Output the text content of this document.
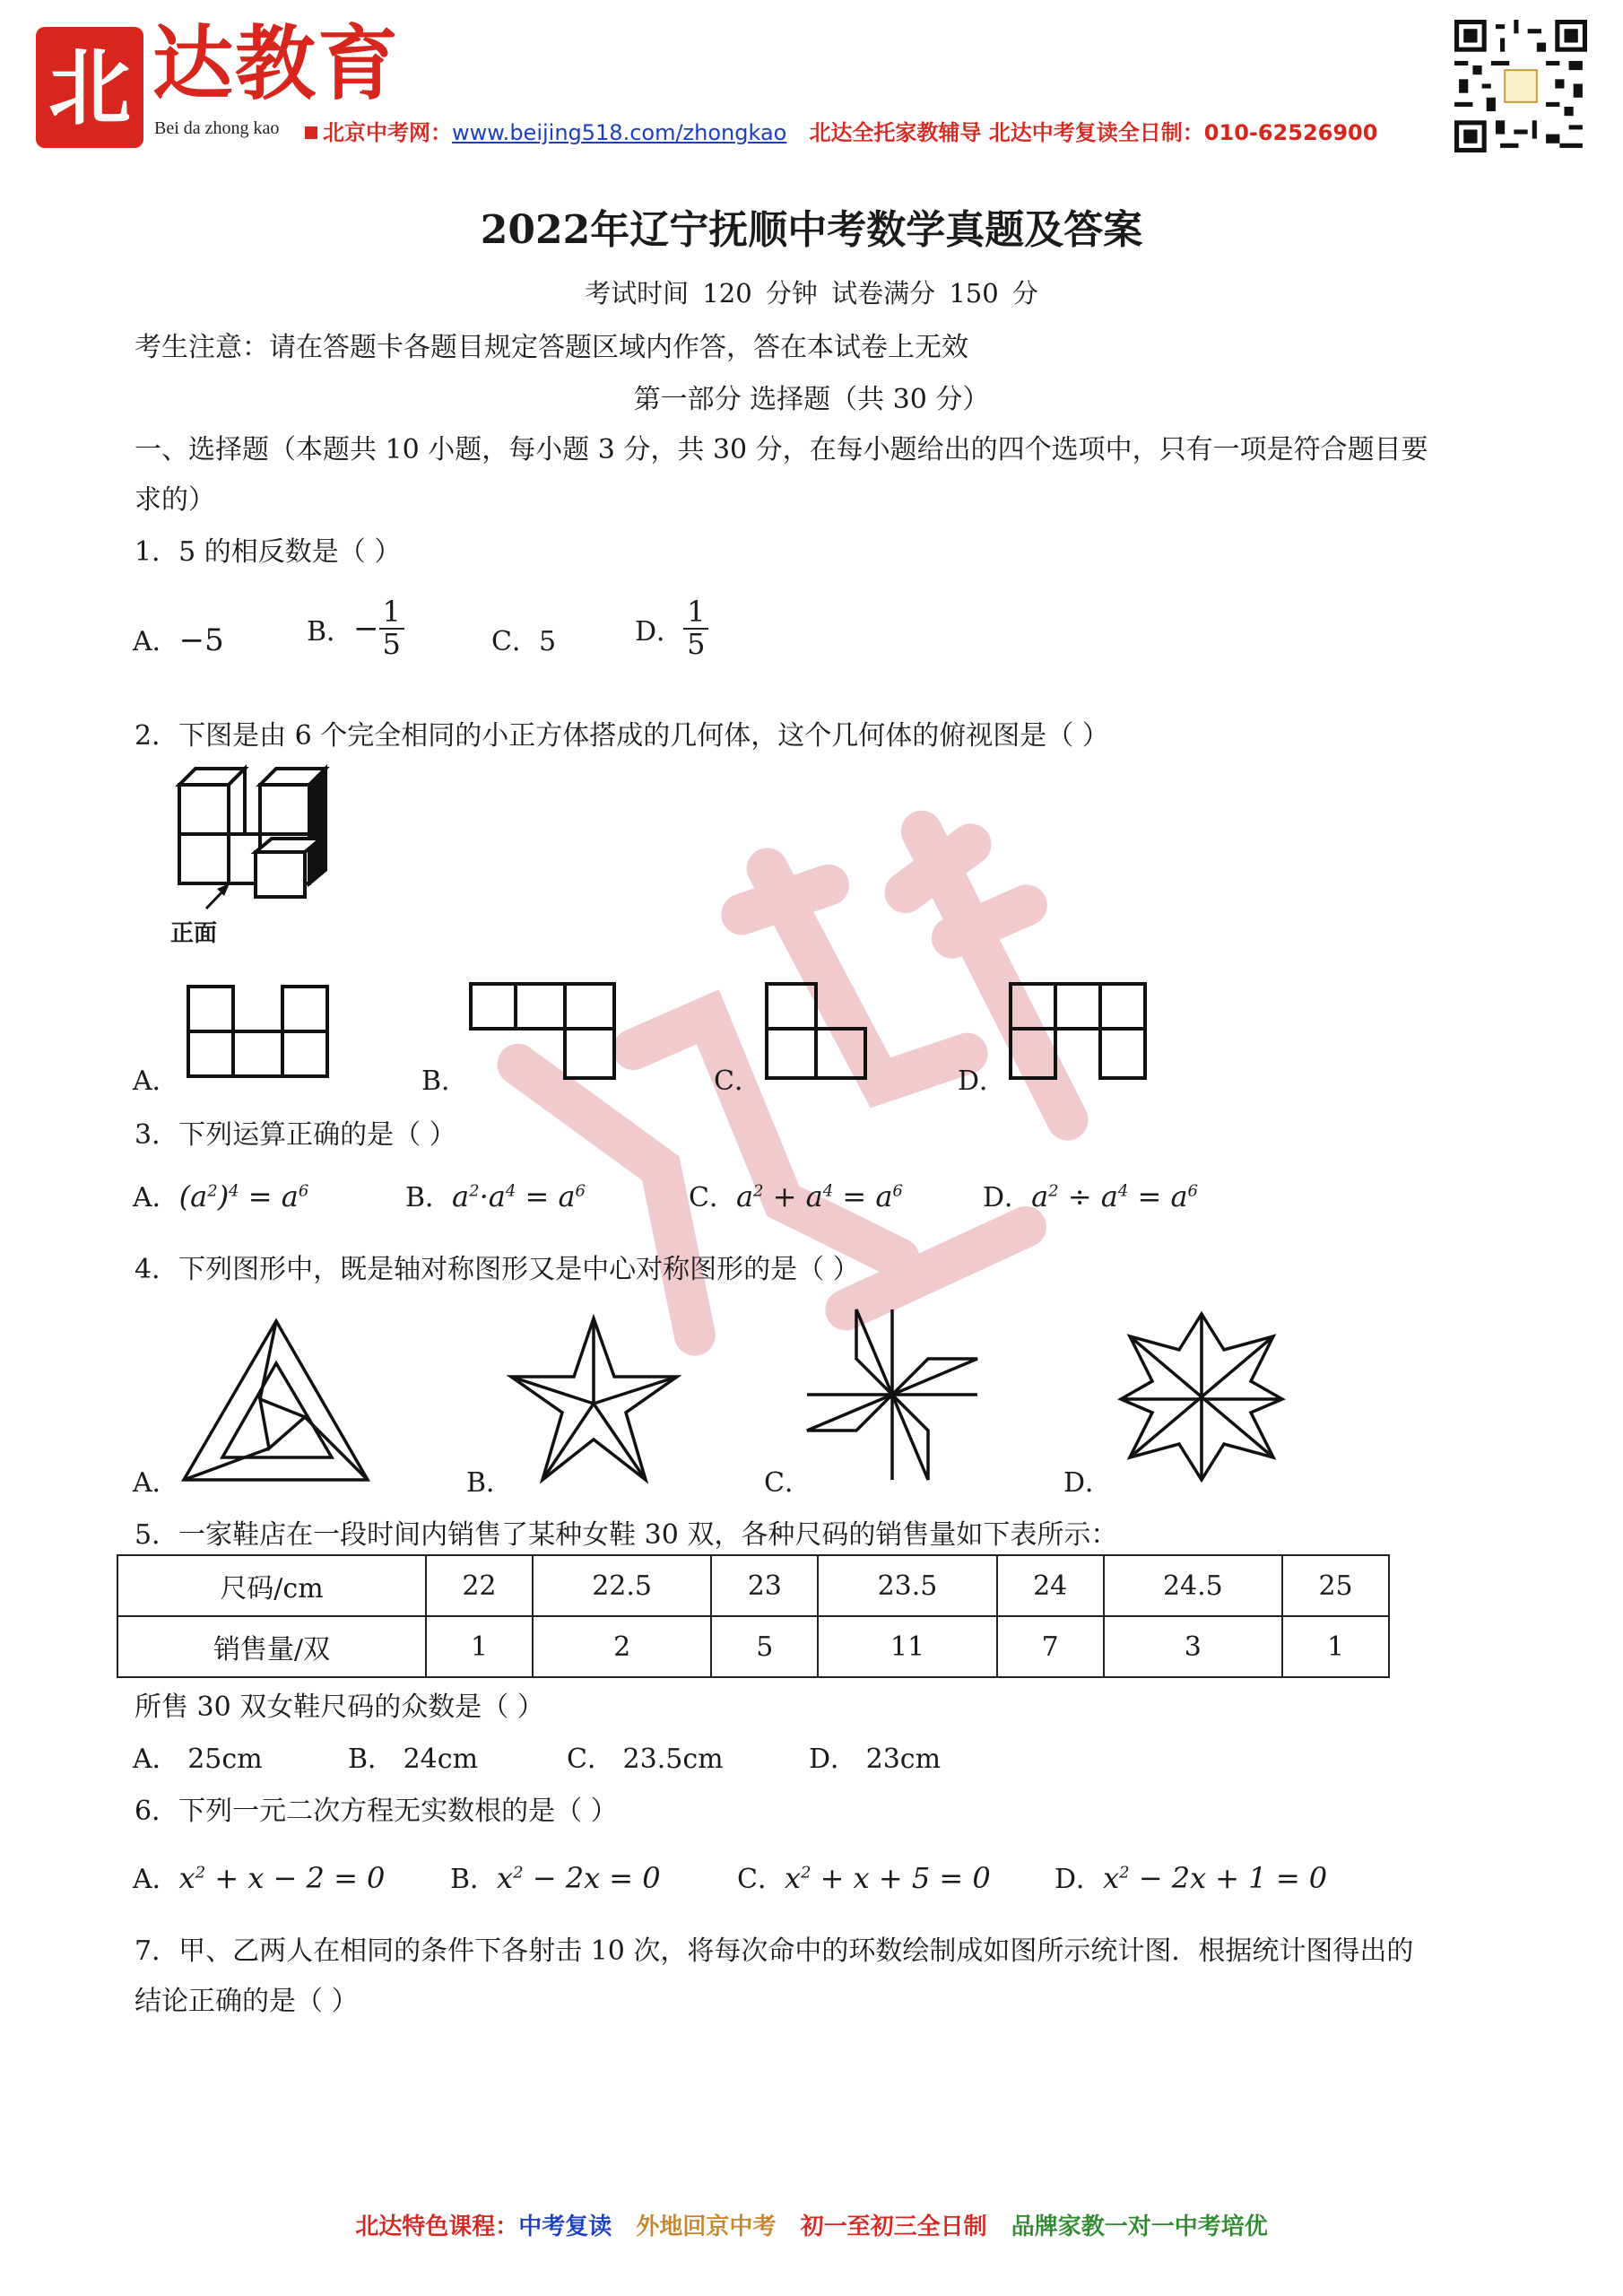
北 达教育
Bei da zhong kao	北京中考网：www.beijing518.com/zhongkao 北达全托家教辅导 北达中考复读全日制：010-62526900
2022年辽宁抚顺中考数学真题及答案
考试时间 120 分钟 试卷满分 150 分
考生注意：请在答题卡各题目规定答题区域内作答，答在本试卷上无效
第一部分 选择题（共 30 分）
一、选择题（本题共 10 小题，每小题 3 分，共 30 分，在每小题给出的四个选项中，只有一项是符合题目要
求的）
1．5 的相反数是（ ）
A．−5	B． − $\frac{1}{5}$	C．5	D． $\frac{1}{5}$
2．下图是由 6 个完全相同的小正方体搭成的几何体，这个几何体的俯视图是（ ）
正面
A．	B．	C．	D．
3．下列运算正确的是（ ）
A．$(a^2)^4 = a^6$	B．$a^2\cdot a^4 = a^6$	C．$a^2 + a^4 = a^6$	D．$a^2 \div a^4 = a^6$
4．下列图形中，既是轴对称图形又是中心对称图形的是（ ）
A．	B．	C．	D．
5．一家鞋店在一段时间内销售了某种女鞋 30 双，各种尺码的销售量如下表所示：
尺码/cm	22	22.5	23	23.5	24	24.5	25
销售量/双	1	2	5	11	7	3	1
所售 30 双女鞋尺码的众数是（ ）
A． 25cm	B． 24cm	C． 23.5cm	D． 23cm
6．下列一元二次方程无实数根的是（ ）
A．$x^2 + x - 2 = 0$ B．$x^2 - 2x = 0$	C．$x^2 + x + 5 = 0$ D．$x^2 - 2x + 1 = 0$
7．甲、乙两人在相同的条件下各射击 10 次，将每次命中的环数绘制成如图所示统计图．根据统计图得出的
结论正确的是（ ）
北达特色课程：中考复读 外地回京中考 初一至初三全日制 品牌家教一对一中考培优
